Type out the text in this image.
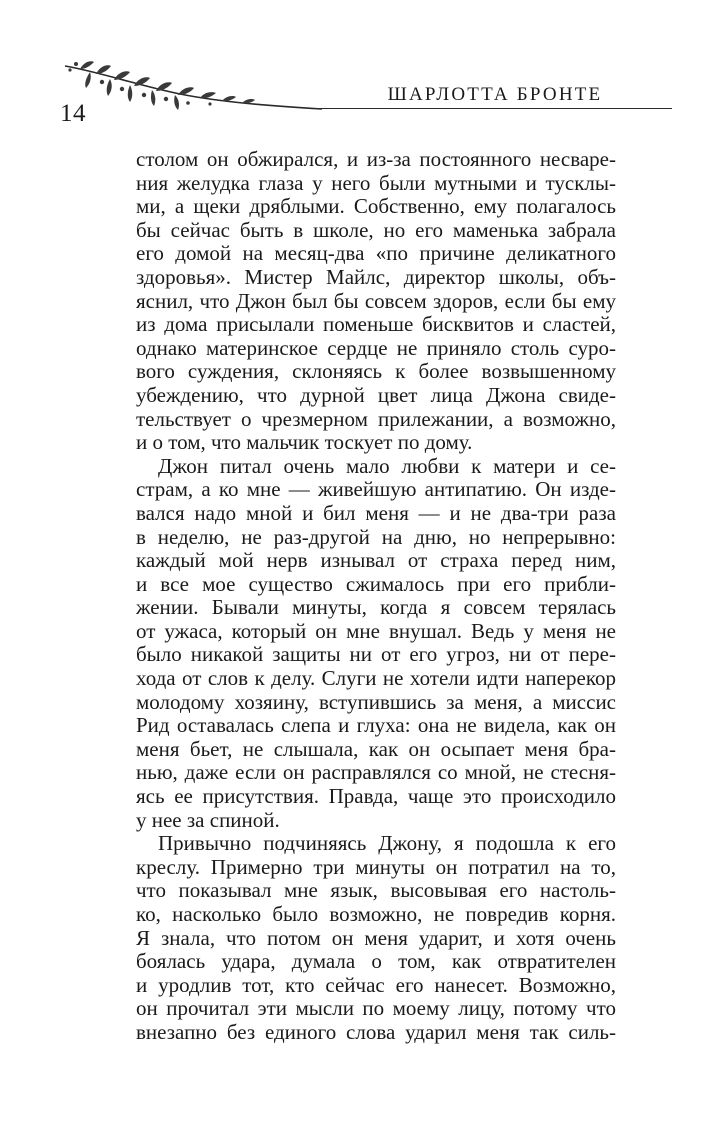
ШАРЛОТТА БРОНТЕ
14
столом он обжирался, и из-за постоянного несваре-
ния желудка глаза у него были мутными и тусклы-
ми, а щеки дряблыми. Собственно, ему полагалось
бы сейчас быть в школе, но его маменька забрала
его домой на месяц-два «по причине деликатного
здоровья». Мистер Майлс, директор школы, объ-
яснил, что Джон был бы совсем здоров, если бы ему
из дома присылали поменьше бисквитов и сластей,
однако материнское сердце не приняло столь суро-
вого суждения, склоняясь к более возвышенному
убеждению, что дурной цвет лица Джона свиде-
тельствует о чрезмерном прилежании, а возможно,
и о том, что мальчик тоскует по дому.
Джон питал очень мало любви к матери и се-
страм, а ко мне — живейшую антипатию. Он изде-
вался надо мной и бил меня — и не два-три раза
в неделю, не раз-другой на дню, но непрерывно:
каждый мой нерв изнывал от страха перед ним,
и все мое существо сжималось при его прибли-
жении. Бывали минуты, когда я совсем терялась
от ужаса, который он мне внушал. Ведь у меня не
было никакой защиты ни от его угроз, ни от пере-
хода от слов к делу. Слуги не хотели идти наперекор
молодому хозяину, вступившись за меня, а миссис
Рид оставалась слепа и глуха: она не видела, как он
меня бьет, не слышала, как он осыпает меня бра-
нью, даже если он расправлялся со мной, не стесня-
ясь ее присутствия. Правда, чаще это происходило
у нее за спиной.
Привычно подчиняясь Джону, я подошла к его
креслу. Примерно три минуты он потратил на то,
что показывал мне язык, высовывая его настоль-
ко, насколько было возможно, не повредив корня.
Я знала, что потом он меня ударит, и хотя очень
боялась удара, думала о том, как отвратителен
и уродлив тот, кто сейчас его нанесет. Возможно,
он прочитал эти мысли по моему лицу, потому что
внезапно без единого слова ударил меня так силь-
